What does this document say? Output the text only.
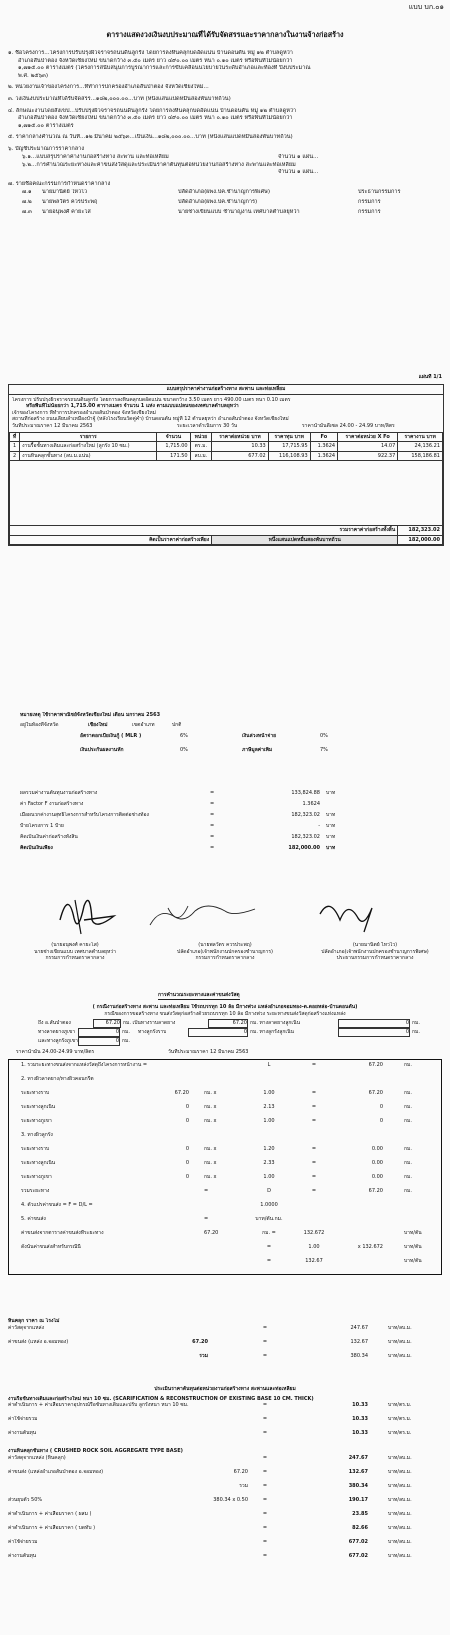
แบบ บก.๐๑
ตารางแสดงวงเงินงบประมาณที่ได้รับจัดสรรและราคากลางในงานจ้างก่อสร้าง
๑. ชื่อโครงการ...โครงการปรับปรุงผิวจราจรถนนดินลูกรัง โดยการลงหินคลุกบดอัดแน่น บ้านดอนตัน หมู่ ๑๒ ตำบลดูหว่า
อำเภอสันป่าตอง จังหวัดเชียงใหม่ ขนาดกว้าง ๓.๕๐ เมตร ยาว ๔๙๐.๐๐ เมตร หนา ๐.๑๐ เมตร หรือพื้นที่ไม่น้อยกว่า
๑,๗๑๕.๐๐ ตารางเมตร (โครงการสนับสนุนการบูรณาการและการขับเคลื่อนนโยบายในระดับอำเภอและท้องที่ ปีงบประมาณ
พ.ศ. ๒๕๖๓)
๒. หน่วยงานเจ้าของโครงการ...ที่ทำการปกครองอำเภอสันป่าตอง จังหวัดเชียงใหม่...
๓. วงเงินงบประมาณที่ได้รับจัดสรร...๑๘๒,๐๐๐.๐๐...บาท (หนึ่งแสนแปดหมื่นสองพันบาทถ้วน)
๔. ลักษณะงานโดยสังเขป...ปรับปรุงผิวจราจรถนนดินลูกรัง โดยการลงหินคลุกบดอัดแน่น บ้านดอนตัน หมู่ ๑๒ ตำบลดูหว่า
อำเภอสันป่าตอง จังหวัดเชียงใหม่ ขนาดกว้าง ๓.๕๐ เมตร ยาว ๔๙๐.๐๐ เมตร หนา ๐.๑๐ เมตร หรือพื้นที่ไม่น้อยกว่า
๑,๗๑๕.๐๐ ตารางเมตร
๕. ราคากลางคำนวณ ณ วันที่...๑๒ มีนาคม ๒๕๖๓...เป็นเงิน...๑๘๒,๐๐๐.๐๐...บาท (หนึ่งแสนแปดหมื่นสองพันบาทถ้วน)
๖. บัญชีประมาณการราคากลาง
๖.๑...แบบสรุปราคาค่างานก่อสร้างทาง สะพาน และท่อเหลี่ยม	จำนวน ๑ แผ่น...
๖.๒...การคำนวณระยะทางและค่าขนส่งวัสดุและประเมินราคาต้นทุนต่อหน่วยงานก่อสร้างทาง สะพานและท่อเหลี่ยม
จำนวน ๑ แผ่น...
๗. รายชื่อคณะกรรมการกำหนดราคากลาง
๗.๑ นายมานิตย์ ไหวไว	ปลัดอำเภอ(ผพง.ปค.ชำนาญการพิเศษ)	ประธานกรรมการ
๗.๒ นายพลวัตร ควรประพฤ	ปลัดอำเภอ(ผพง.ปค.ชำนาญการ)	กรรมการ
๗.๓ นายอนุพงศ์ คายะโส	นายช่างเขียนแบบ ชำนาญงาน เทศบาลตำบลยุหว่า	กรรมการ
แผ่นที่ 1/1
แบบสรุปราคาค่างานก่อสร้างทาง สะพาน และท่อเหลี่ยม
โครงการ ปรับปรุงผิวจราจรถนนดินลูกรัง โดยการลงหินคลุกบดอัดแน่น ขนาดกว้าง 3.50 เมตร ยาว 490.00 เมตร หนา 0.10 เมตร
หรือพื้นที่ไม่น้อยกว่า 1,715.00 ตารางเมตร จำนวน 1 แห่ง ตามแบบแปลนของเทศบาลตำบลยุหว่า
เจ้าของโครงการ ที่ทำการปกครองอำเภอสันป่าตอง จังหวัดเชียงใหม่
สถานที่ก่อสร้าง ถนนเลียบลำเหมืองป๋าจู้ (หลังโรงเรียนวัดคู่ค่ำ) บ้านดอนตัน หมู่ที่ 12 ตำบลยุหว่า อำเภอสันป่าตอง จังหวัดเชียงใหม่
วันที่ประมาณราคา 12 มีนาคม 2563	ระยะเวลาดำเนินการ 30 วัน	ราคาน้ำมันดีเซล 24.00 - 24.99 บาท/ลิตร
ที่	รายการ	จำนวน	หน่วย	ราคาต่อหน่วย บาท	ราคาทุน บาท	Fo	ราคาต่อหน่วย X Fo	ราคางาน บาท
1	งานรื้อชั้นทางเดิมและก่อสร้างใหม่ (ลูกรัง 10 ซม.)	1,715.00	ตร.ม.	10.33	17,715.95	1.3624	14.07	24,136.21
2	งานหินคลุกชั้นทาง (ลบ.ม.แน่น)	171.50	ลบ.ม.	677.02	116,108.93	1.3624	922.37	158,186.81

รวมราคาค่าก่อสร้างทั้งสิ้น								182,323.02
คิดเป็นราคาค่าก่อสร้างเพียง				หนึ่งแสนแปดหมื่นสองพันบาทถ้วน				182,000.00
หมายเหตุ ใช้ราคาพาณิชย์จังหวัดเชียงใหม่ เดือน มกราคม 2563
อยู่ในท้องที่จังหวัด	เชียงใหม่	เขตอำเภท	ปกติ
อัตราดอกเบี้ยเงินกู้ ( MLR )	6%	เงินล่วงหน้าจ่าย	0%
เงินประกันผลงานหัก	0%	ภาษีมูลค่าเพิ่ม	7%
ผลรวมค่างานต้นทุนงานก่อสร้างทาง	=	133,824.88 บาท
ค่า Factor F งานก่อสร้างทาง	=	1.3624
เมื่อผนวกค่างานสุทธิโครงการสำหรับโครงการติดต่อช่างท้อง	=	182,323.02 บาท
ป้ายโครงการ 1 ป้าย	=	- บาท
คิดเป็นเงินค่าก่อสร้างทั้งสิ้น	=	182,323.02 บาท
คิดเป็นเงินเพียง	=	182,000.00 บาท
(นายอนุพงศ์ คายะโส)
นายช่างเขียนแบบ เทศบาลตำบลยุหว่า
กรรมการกำหนดราคากลาง
(นายพลวัตร ควรประพฤ)
ปลัดอำเภอ(เจ้าพนักงานปกครองชำนาญการ)
กรรมการกำหนดราคากลาง
(นายมานิตย์ ไหวไว)
ปลัดอำเภอ(เจ้าพนักงานปกครองชำนาญการพิเศษ)
ประธานกรรมการกำหนดราคากลาง
การคำนวณระยะทางและค่าขนส่งวัสดุ
( กรณีงานก่อสร้างทาง สะพาน และท่อเหลี่ยม ใช้รถบรรทุก 10 ล้อ มีกางพ่วง แหล่งอำเภอจอมทอง-ต.ดอยหล่อ-บ้านดอนตัน)
กรณีของการขอสร้างทาง ขนส่งวัสดุก่อสร้างด้วยรถบรรทุก 10 ล้อ มีกางพ่วง ระยะทางขนส่งวัสดุก่อสร้างแห่งแหล่ง
ถึง อ.สันป่าตอง	67.20 กม. เป็นทางราบลาดยาง	67.20 กม. ทางลาดยางลูกเนิน	0 กม.
ทางลาดยางภูเขา	0 กม. ทางลูกรังราบ	0 กม. ทางลูกรังลูกเนิน	0 กม.
และทางลูกรังภูเขา	0 กม.
ราคาน้ำมัน 24.00-24.99 บาท/ลิตร	วันที่ประมาณราคา 12 มีนาคม 2563
1. รวมระยะทางขนส่งจากแหล่งวัสดุถึงโครงการหน้างาน =	L	=	67.20	กม.
2. ทางผิวลาดยาง/ทางผิวคอนกรีต
ระยะทางราบ	67.20	กม. x	1.00	=	67.20	กม.
ระยะทางลูกเนิน	0	กม. x	2.13	=	0	กม.
ระยะทางภูเขา	0	กม. x	1.00	=	0	กม.
3. ทางผิวลูกรัง
ระยะทางราบ	0	กม. x	1.20	=	0.00	กม.
ระยะทางลูกเนิน	0	กม. x	2.33	=	0.00	กม.
ระยะทางภูเขา	0	กม. x	1.00	=	0.00	กม.
รวมระยะทาง	=	D	=	67.20	กม.
4. ตัวแปรค่าขนส่ง = F = D/L =	1.0000
5. ค่าขนส่ง	=	บาท/ตัน.กม.
ค่าขนส่งจากตารางค่าขนส่งที่ระยะทาง	67.20	กม. =	132.672	บาท/ตัน
ดังนั้นค่าขนส่งสำหรับกรณีนี้	=	1.00	x 132.672	บาท/ตัน
=	132.67	บาท/ตัน
หินคลุก ราคา ณ โรงโม่
ค่าวัสดุจากแหล่ง	=	247.67	บาท/ลบ.ม.
ค่าขนส่ง (แหล่ง อ.จอมทอง)	67.20	=	132.67	บาท/ลบ.ม.
รวม	=	380.34	บาท/ลบ.ม.
ประเมินราคาต้นทุนต่อหน่วยงานก่อสร้างทาง สะพานและท่อเหลี่ยม
งานรื้อชั้นทางเดิมและก่อสร้างใหม่ หนา 10 ซม. (SCARIFICATION & RECONSTRUCTION OF EXISTING BASE 10 CM. THICK)
ค่าดำเนินการ + ค่าเสื่อมราคาอุปกรณ์รื้อชั้นทางเดิมและปรับ ลูกรังหนา หนา 10 ซม.	=	10.33	บาท/ตร.ม.
ค่าใช้จ่ายรวม	=	10.33	บาท/ตร.ม.
ค่างานต้นทุน	=	10.33	บาท/ตร.ม.
งานหินคลุกชั้นทาง ( CRUSHED ROCK SOIL AGGREGATE TYPE BASE)
ค่าวัสดุจากแหล่ง (หินคลุก)	=	247.67	บาท/ลบ.ม.
ค่าขนส่ง (แหล่งอำเภอสันป่าตอง อ.จอมทอง)	67.20	=	132.67	บาท/ลบ.ม.
รวม	=	380.34	บาท/ลบ.ม.
ส่วนยุบตัว 50%	380.34 x 0.50	=	190.17	บาท/ลบ.ม.
ค่าดำเนินการ + ค่าเสื่อมราคา ( ผสม )	=	23.85	บาท/ลบ.ม.
ค่าดำเนินการ + ค่าเสื่อมราคา ( บดทับ )	=	82.66	บาท/ลบ.ม.
ค่าใช้จ่ายรวม	=	677.02	บาท/ลบ.ม.
ค่างานต้นทุน	=	677.02	บาท/ลบ.ม.
